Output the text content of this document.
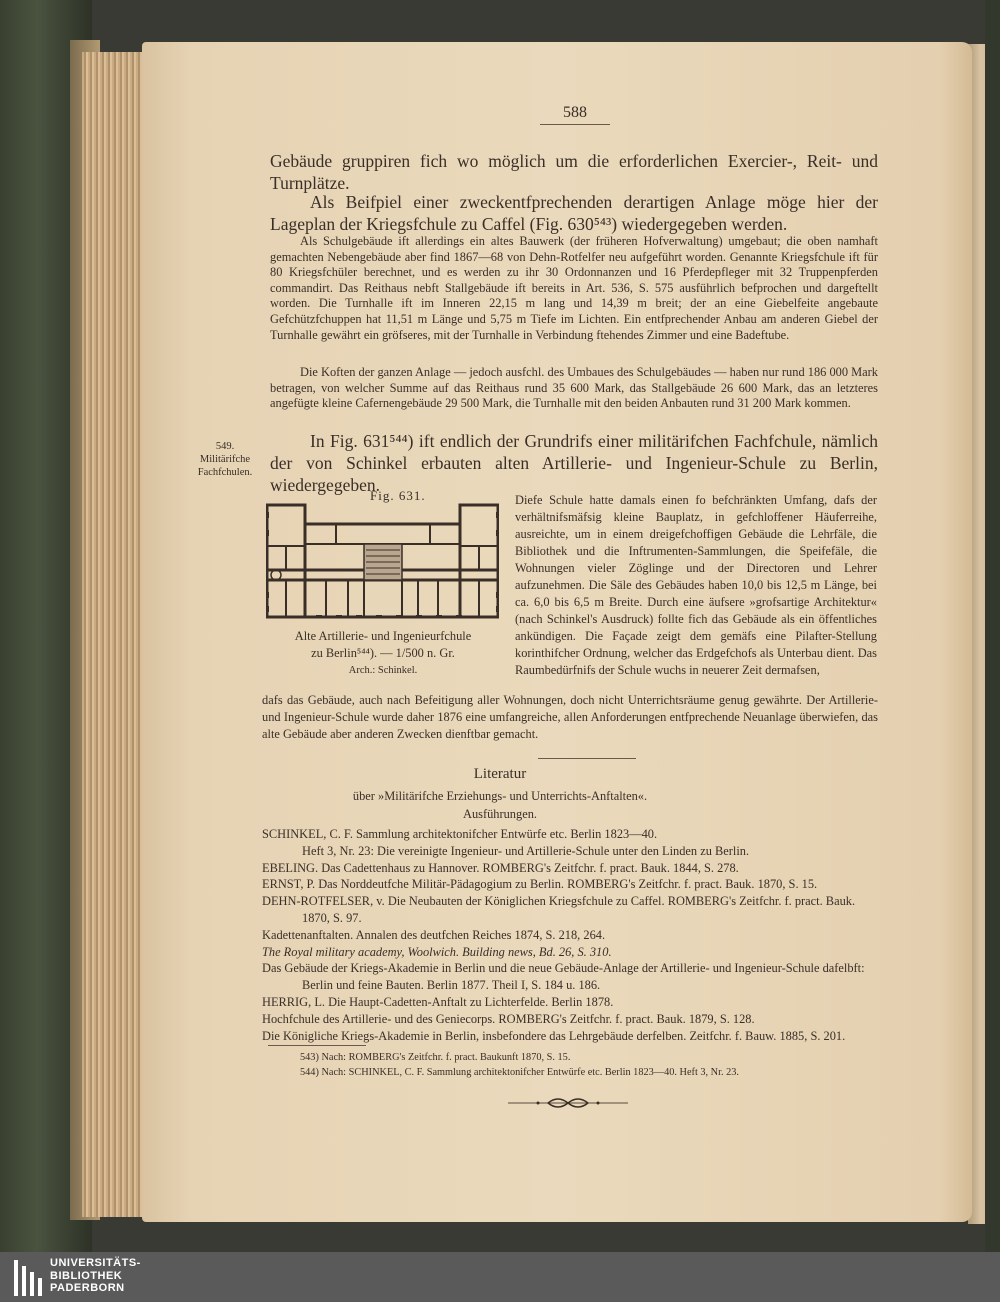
588
Gebäude gruppiren fich wo möglich um die erforderlichen Exercier-, Reit- und Turnplätze.
Als Beifpiel einer zweckentfprechenden derartigen Anlage möge hier der Lageplan der Kriegsfchule zu Caffel (Fig. 630⁵⁴³) wiedergegeben werden.
Als Schulgebäude ift allerdings ein altes Bauwerk (der früheren Hofverwaltung) umgebaut; die oben namhaft gemachten Nebengebäude aber find 1867—68 von Dehn-Rotfelfer neu aufgeführt worden. Genannte Kriegsfchule ift für 80 Kriegsfchüler berechnet, und es werden zu ihr 30 Ordonnanzen und 16 Pferdepfleger mit 32 Truppenpferden commandirt. Das Reithaus nebft Stallgebäude ift bereits in Art. 536, S. 575 ausführlich befprochen und dargeftellt worden. Die Turnhalle ift im Inneren 22,15 m lang und 14,39 m breit; der an eine Giebelfeite angebaute Gefchützfchuppen hat 11,51 m Länge und 5,75 m Tiefe im Lichten. Ein entfprechender Anbau am anderen Giebel der Turnhalle gewährt ein gröfseres, mit der Turnhalle in Verbindung ftehendes Zimmer und eine Badeftube.
Die Koften der ganzen Anlage — jedoch ausfchl. des Umbaues des Schulgebäudes — haben nur rund 186 000 Mark betragen, von welcher Summe auf das Reithaus rund 35 600 Mark, das Stallgebäude 26 600 Mark, das an letzteres angefügte kleine Cafernengebäude 29 500 Mark, die Turnhalle mit den beiden Anbauten rund 31 200 Mark kommen.
549. Militärifche Fachfchulen.
In Fig. 631⁵⁴⁴) ift endlich der Grundrifs einer militärifchen Fachfchule, nämlich der von Schinkel erbauten alten Artillerie- und Ingenieur-Schule zu Berlin, wiedergegeben.
Fig. 631.
Alte Artillerie- und Ingenieurfchule
zu Berlin⁵⁴⁴). — 1/500 n. Gr.
Arch.: Schinkel.
Diefe Schule hatte damals einen fo befchränkten Umfang, dafs der verhältnifsmäfsig kleine Bauplatz, in gefchloffener Häuferreihe, ausreichte, um in einem dreigefchoffigen Gebäude die Lehrfäle, die Bibliothek und die Inftrumenten-Sammlungen, die Speifefäle, die Wohnungen vieler Zöglinge und der Directoren und Lehrer aufzunehmen. Die Säle des Gebäudes haben 10,0 bis 12,5 m Länge, bei ca. 6,0 bis 6,5 m Breite. Durch eine äufsere »grofsartige Architektur« (nach Schinkel's Ausdruck) follte fich das Gebäude als ein öffentliches ankündigen. Die Façade zeigt dem gemäfs eine Pilafter-Stellung korinthifcher Ordnung, welcher das Erdgefchofs als Unterbau dient. Das Raumbedürfnifs der Schule wuchs in neuerer Zeit dermafsen,
dafs das Gebäude, auch nach Befeitigung aller Wohnungen, doch nicht Unterrichtsräume genug gewährte. Der Artillerie- und Ingenieur-Schule wurde daher 1876 eine umfangreiche, allen Anforderungen entfprechende Neuanlage überwiefen, das alte Gebäude aber anderen Zwecken dienftbar gemacht.
Literatur
über »Militärifche Erziehungs- und Unterrichts-Anftalten«.
Ausführungen.
SCHINKEL, C. F. Sammlung architektonifcher Entwürfe etc. Berlin 1823—40.
Heft 3, Nr. 23: Die vereinigte Ingenieur- und Artillerie-Schule unter den Linden zu Berlin.
EBELING. Das Cadettenhaus zu Hannover. ROMBERG's Zeitfchr. f. pract. Bauk. 1844, S. 278.
ERNST, P. Das Norddeutfche Militär-Pädagogium zu Berlin. ROMBERG's Zeitfchr. f. pract. Bauk. 1870, S. 15.
DEHN-ROTFELSER, v. Die Neubauten der Königlichen Kriegsfchule zu Caffel. ROMBERG's Zeitfchr. f. pract. Bauk. 1870, S. 97.
Kadettenanftalten. Annalen des deutfchen Reiches 1874, S. 218, 264.
The Royal military academy, Woolwich. Building news, Bd. 26, S. 310.
Das Gebäude der Kriegs-Akademie in Berlin und die neue Gebäude-Anlage der Artillerie- und Ingenieur-Schule dafelbft: Berlin und feine Bauten. Berlin 1877. Theil I, S. 184 u. 186.
HERRIG, L. Die Haupt-Cadetten-Anftalt zu Lichterfelde. Berlin 1878.
Hochfchule des Artillerie- und des Geniecorps. ROMBERG's Zeitfchr. f. pract. Bauk. 1879, S. 128.
Die Königliche Kriegs-Akademie in Berlin, insbefondere das Lehrgebäude derfelben. Zeitfchr. f. Bauw. 1885, S. 201.
543) Nach: ROMBERG's Zeitfchr. f. pract. Baukunft 1870, S. 15.
544) Nach: SCHINKEL, C. F. Sammlung architektonifcher Entwürfe etc. Berlin 1823—40. Heft 3, Nr. 23.
UNIVERSITÄTS-
BIBLIOTHEK
PADERBORN
